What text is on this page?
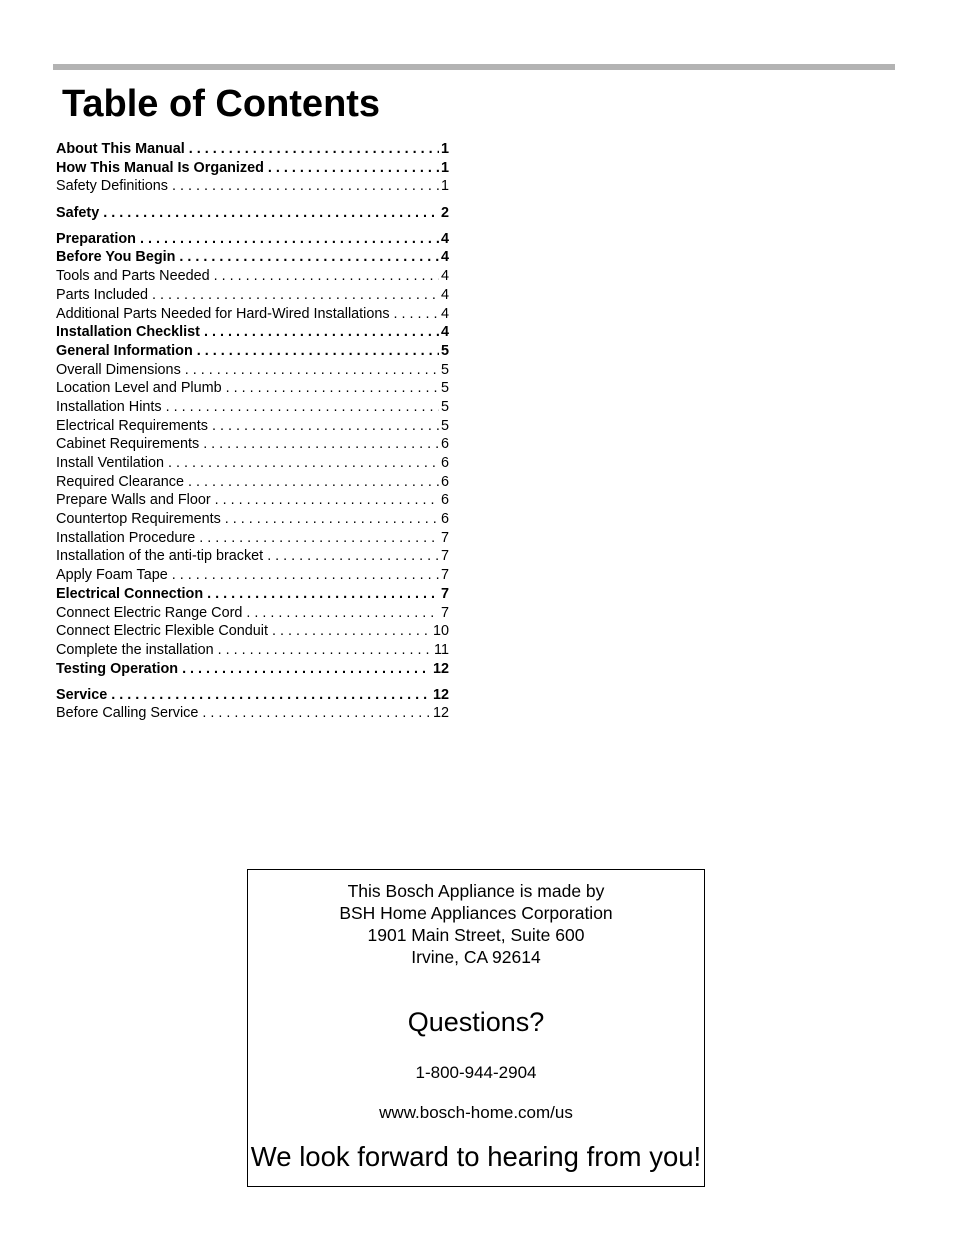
Table of Contents
About This Manual . . .	1
How This Manual Is Organized . . .	1
Safety Definitions . . .	1
Safety . . .	2
Preparation . . .	4
Before You Begin . . .	4
Tools and Parts Needed . . .	4
Parts Included . . .	4
Additional Parts Needed for Hard-Wired Installations . . .	4
Installation Checklist . . .	4
General Information . . .	5
Overall Dimensions . . .	5
Location Level and Plumb . . .	5
Installation Hints . . .	5
Electrical Requirements . . .	5
Cabinet Requirements . . .	6
Install Ventilation . . .	6
Required Clearance . . .	6
Prepare Walls and Floor . . .	6
Countertop Requirements . . .	6
Installation Procedure . . .	7
Installation of the anti-tip bracket . . .	7
Apply Foam Tape . . .	7
Electrical Connection . . .	7
Connect Electric Range Cord . . .	7
Connect Electric Flexible Conduit . . .	10
Complete the installation . . .	11
Testing Operation . . .	12
Service . . .	12
Before Calling Service . . .	12
This Bosch Appliance is made by
BSH Home Appliances Corporation
1901 Main Street, Suite 600
Irvine, CA 92614
Questions?
1-800-944-2904
www.bosch-home.com/us
We look forward to hearing from you!
